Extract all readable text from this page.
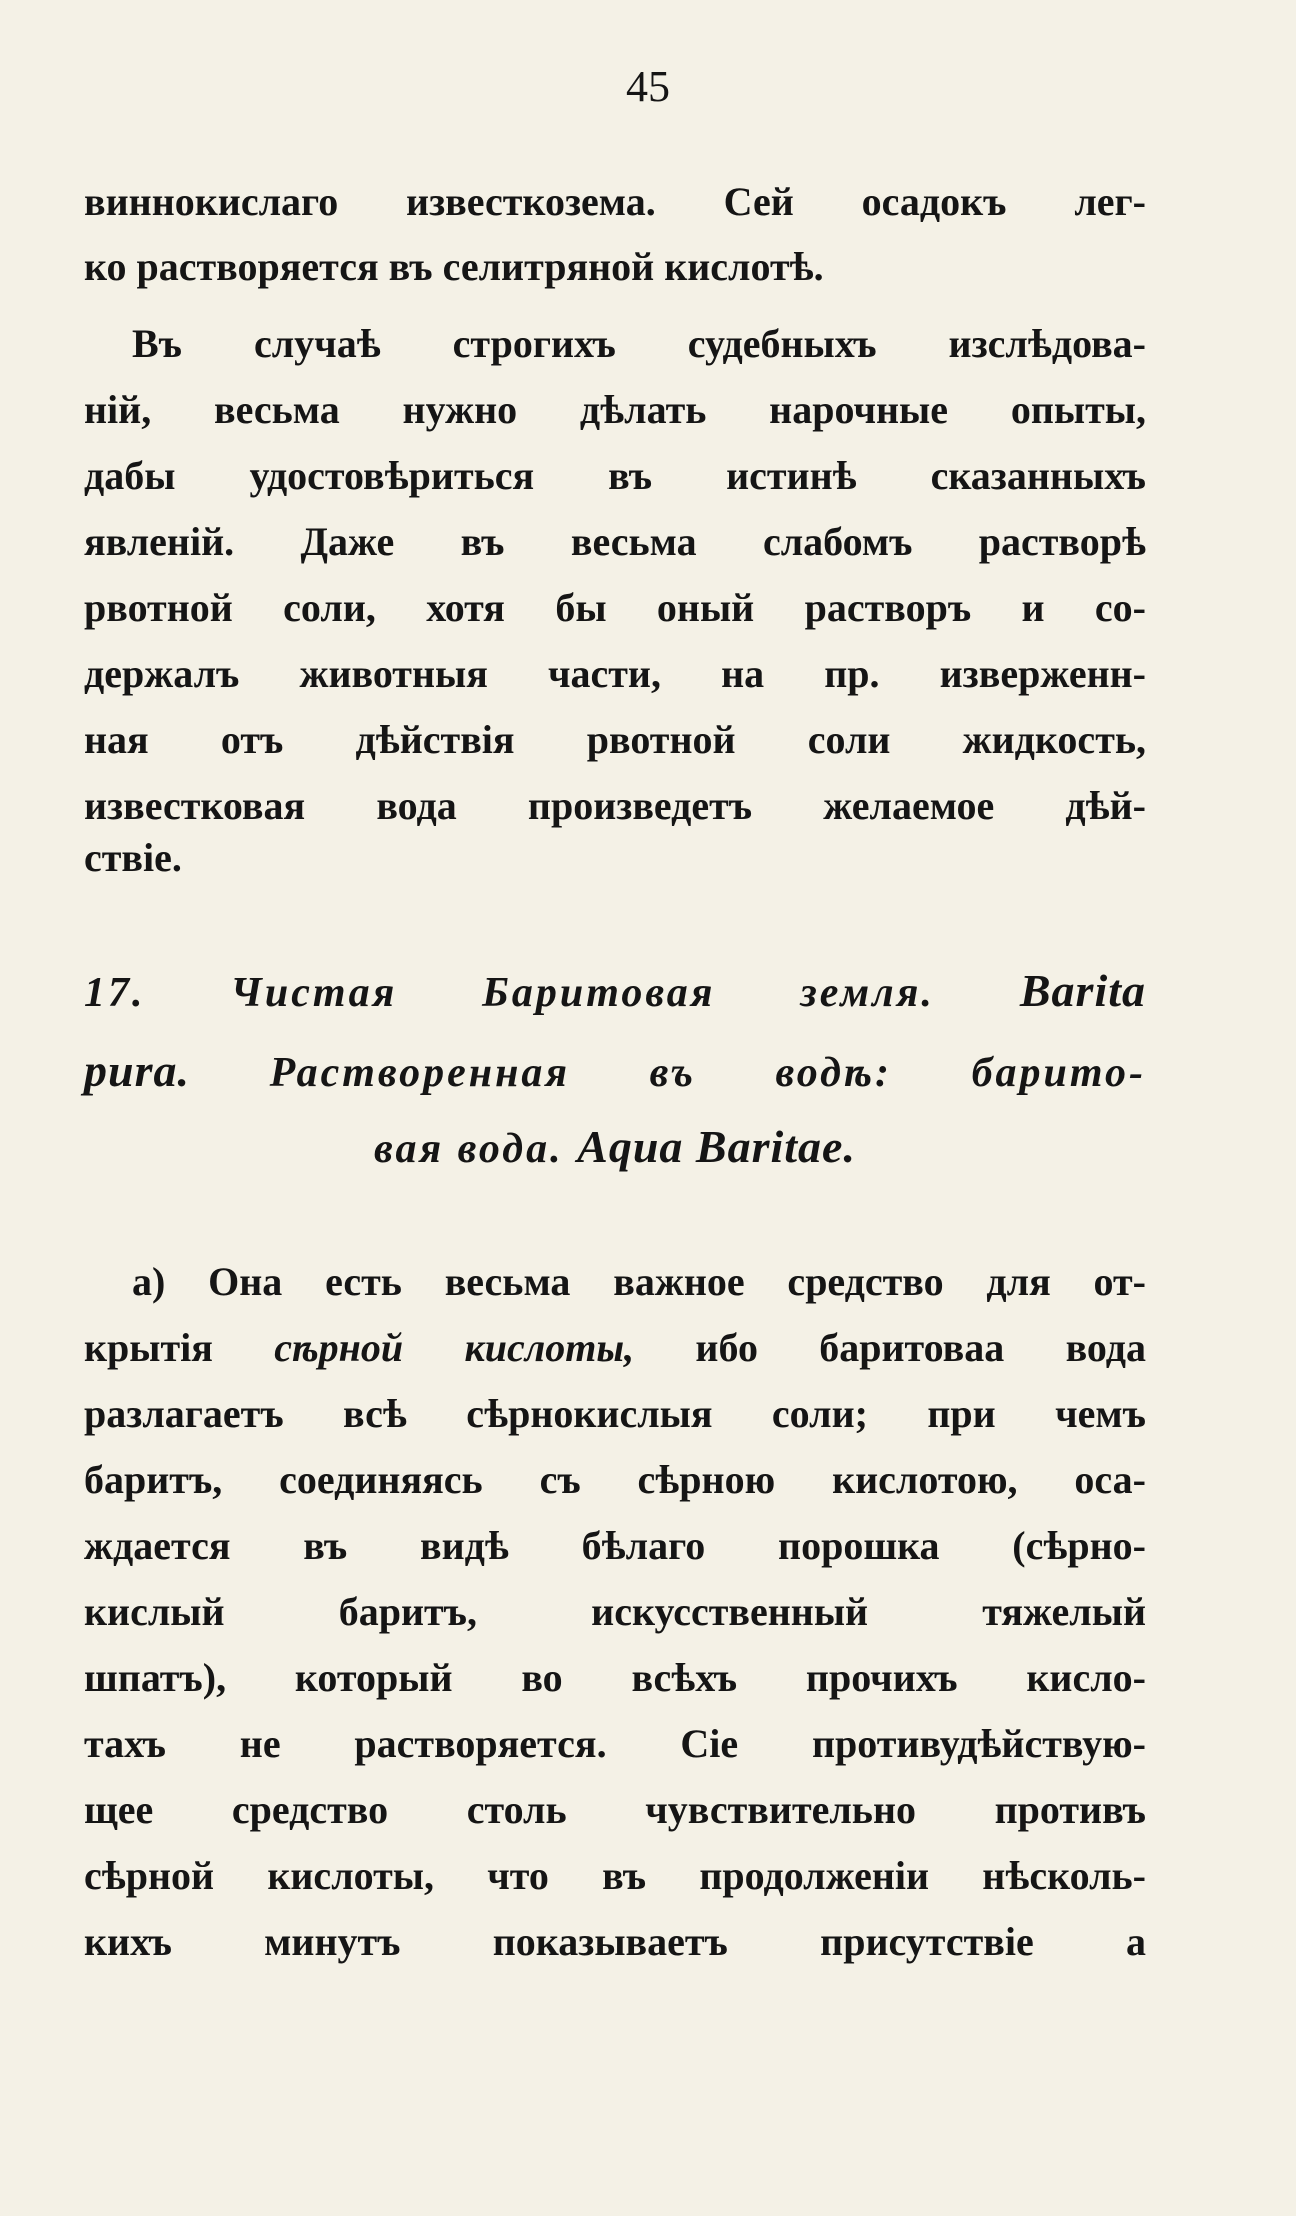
45
виннокислаго известкозема. Сей осадокъ лег-
ко растворяется въ селитряной кислотѣ.
Въ случаѣ строгихъ судебныхъ изслѣдова-
ній, весьма нужно дѣлать нарочные опыты,
дабы удостовѣриться въ истинѣ сказанныхъ
явленій. Даже въ весьма слабомъ растворѣ
рвотной соли, хотя бы оный растворъ и со-
держалъ животныя части, на пр. изверженн-
ная отъ дѣйствія рвотной соли жидкость,
известковая вода произведетъ желаемое дѣй-
ствіе.
17. Чистая Баритовая земля. Barita
pura. Растворенная въ водѣ: барито-
вая вода. Aqua Baritae.
а) Она есть весьма важное средство для от-
крытія сѣрной кислоты, ибо баритоваа вода
разлагаетъ всѣ сѣрнокислыя соли; при чемъ
баритъ, соединяясь съ сѣрною кислотою, оса-
ждается въ видѣ бѣлаго порошка (сѣрно-
кислый баритъ, искусственный тяжелый
шпатъ), который во всѣхъ прочихъ кисло-
тахъ не растворяется. Сіе противудѣйствую-
щее средство столь чувствительно противъ
сѣрной кислоты, что въ продолженіи нѣсколь-
кихъ минутъ показываетъ присутствіе а
